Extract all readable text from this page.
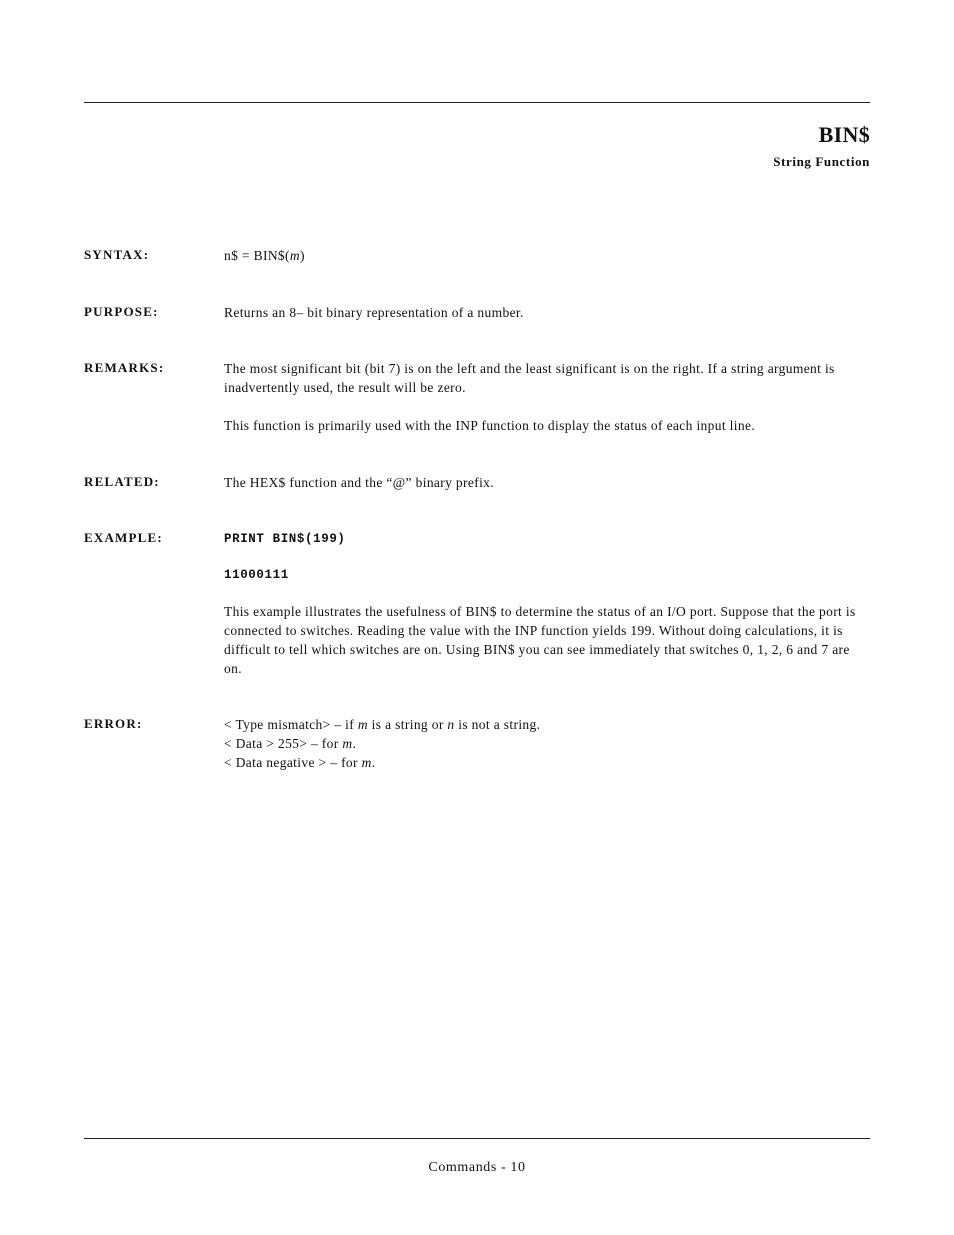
BIN$
String Function
SYNTAX:	n$ = BIN$(m)
PURPOSE:	Returns an 8– bit binary representation of a number.
REMARKS:	The most significant bit (bit 7) is on the left and the least significant is on the right. If a string argument is inadvertently used, the result will be zero.
This function is primarily used with the INP function to display the status of each input line.
RELATED:	The HEX$ function and the “@” binary prefix.
EXAMPLE:	PRINT BIN$(199)
11000111
This example illustrates the usefulness of BIN$ to determine the status of an I/O port. Suppose that the port is connected to switches. Reading the value with the INP function yields 199. Without doing calculations, it is difficult to tell which switches are on. Using BIN$ you can see immediately that switches 0, 1, 2, 6 and 7 are on.
ERROR:	< Type mismatch> – if m is a string or n is not a string.
< Data > 255> – for m.
< Data negative > – for m.
Commands - 10
